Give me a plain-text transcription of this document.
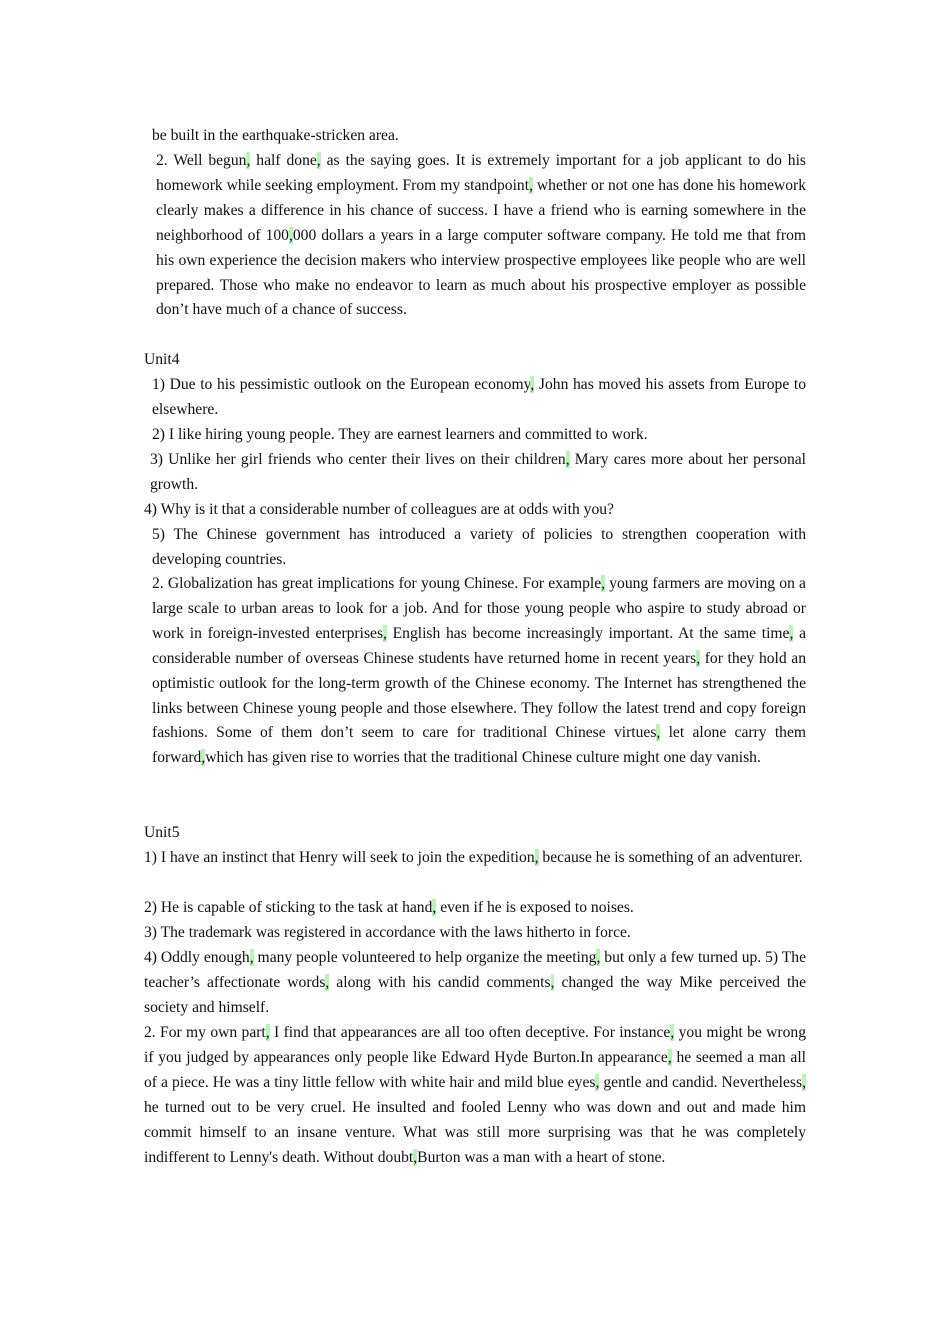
be built in the earthquake-stricken area.

2. Well begun, half done, as the saying goes. It is extremely important for a job applicant to do his homework while seeking employment. From my standpoint, whether or not one has done his homework clearly makes a difference in his chance of success. I have a friend who is earning somewhere in the neighborhood of 100,000 dollars a years in a large computer software company. He told me that from his own experience the decision makers who interview prospective employees like people who are well prepared. Those who make no endeavor to learn as much about his prospective employer as possible don’t have much of a chance of success.

Unit4

1) Due to his pessimistic outlook on the European economy, John has moved his assets from Europe to elsewhere.

2) I like hiring young people. They are earnest learners and committed to work.

3) Unlike her girl friends who center their lives on their children, Mary cares more about her personal growth.

4) Why is it that a considerable number of colleagues are at odds with you?

5) The Chinese government has introduced a variety of policies to strengthen cooperation with developing countries.

2. Globalization has great implications for young Chinese. For example, young farmers are moving on a large scale to urban areas to look for a job. And for those young people who aspire to study abroad or work in foreign-invested enterprises, English has become increasingly important. At the same time, a considerable number of overseas Chinese students have returned home in recent years, for they hold an optimistic outlook for the long-term growth of the Chinese economy. The Internet has strengthened the links between Chinese young people and those elsewhere. They follow the latest trend and copy foreign fashions. Some of them don’t seem to care for traditional Chinese virtues, let alone carry them forward,which has given rise to worries that the traditional Chinese culture might one day vanish.

Unit5

1) I have an instinct that Henry will seek to join the expedition, because he is something of an adventurer.

2) He is capable of sticking to the task at hand, even if he is exposed to noises.

3) The trademark was registered in accordance with the laws hitherto in force.

4) Oddly enough, many people volunteered to help organize the meeting, but only a few turned up. 5) The teacher’s affectionate words, along with his candid comments, changed the way Mike perceived the society and himself.

2. For my own part, I find that appearances are all too often deceptive. For instance, you might be wrong if you judged by appearances only people like Edward Hyde Burton.In appearance, he seemed a man all of a piece. He was a tiny little fellow with white hair and mild blue eyes, gentle and candid. Nevertheless, he turned out to be very cruel. He insulted and fooled Lenny who was down and out and made him commit himself to an insane venture. What was still more surprising was that he was completely indifferent to Lenny's death. Without doubt,Burton was a man with a heart of stone.
